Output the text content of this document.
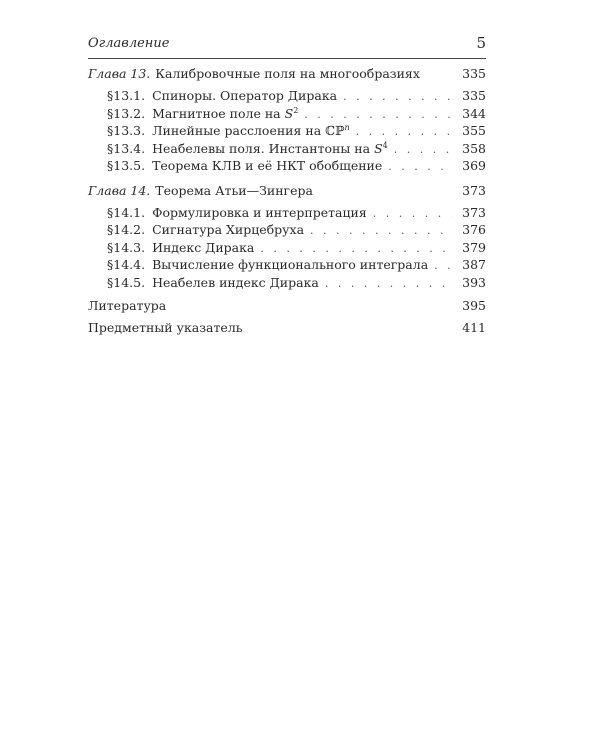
Оглавление	5
Глава 13. Калибровочные поля на многообразиях	335
§13.1. Спиноры. Оператор Дирака . . .	335
§13.2. Магнитное поле на $S^2$ . . .	344
§13.3. Линейные расслоения на ℂℙ$^n$ . . .	355
§13.4. Неабелевы поля. Инстантоны на $S^4$ . . .	358
§13.5. Теорема КЛВ и её НКТ обобщение . . .	369
Глава 14. Теорема Атьи—Зингера	373
§14.1. Формулировка и интерпретация . . .	373
§14.2. Сигнатура Хирцебруха . . .	376
§14.3. Индекс Дирака . . .	379
§14.4. Вычисление функционального интеграла . . .	387
§14.5. Неабелев индекс Дирака . . .	393
Литература	395
Предметный указатель	411
